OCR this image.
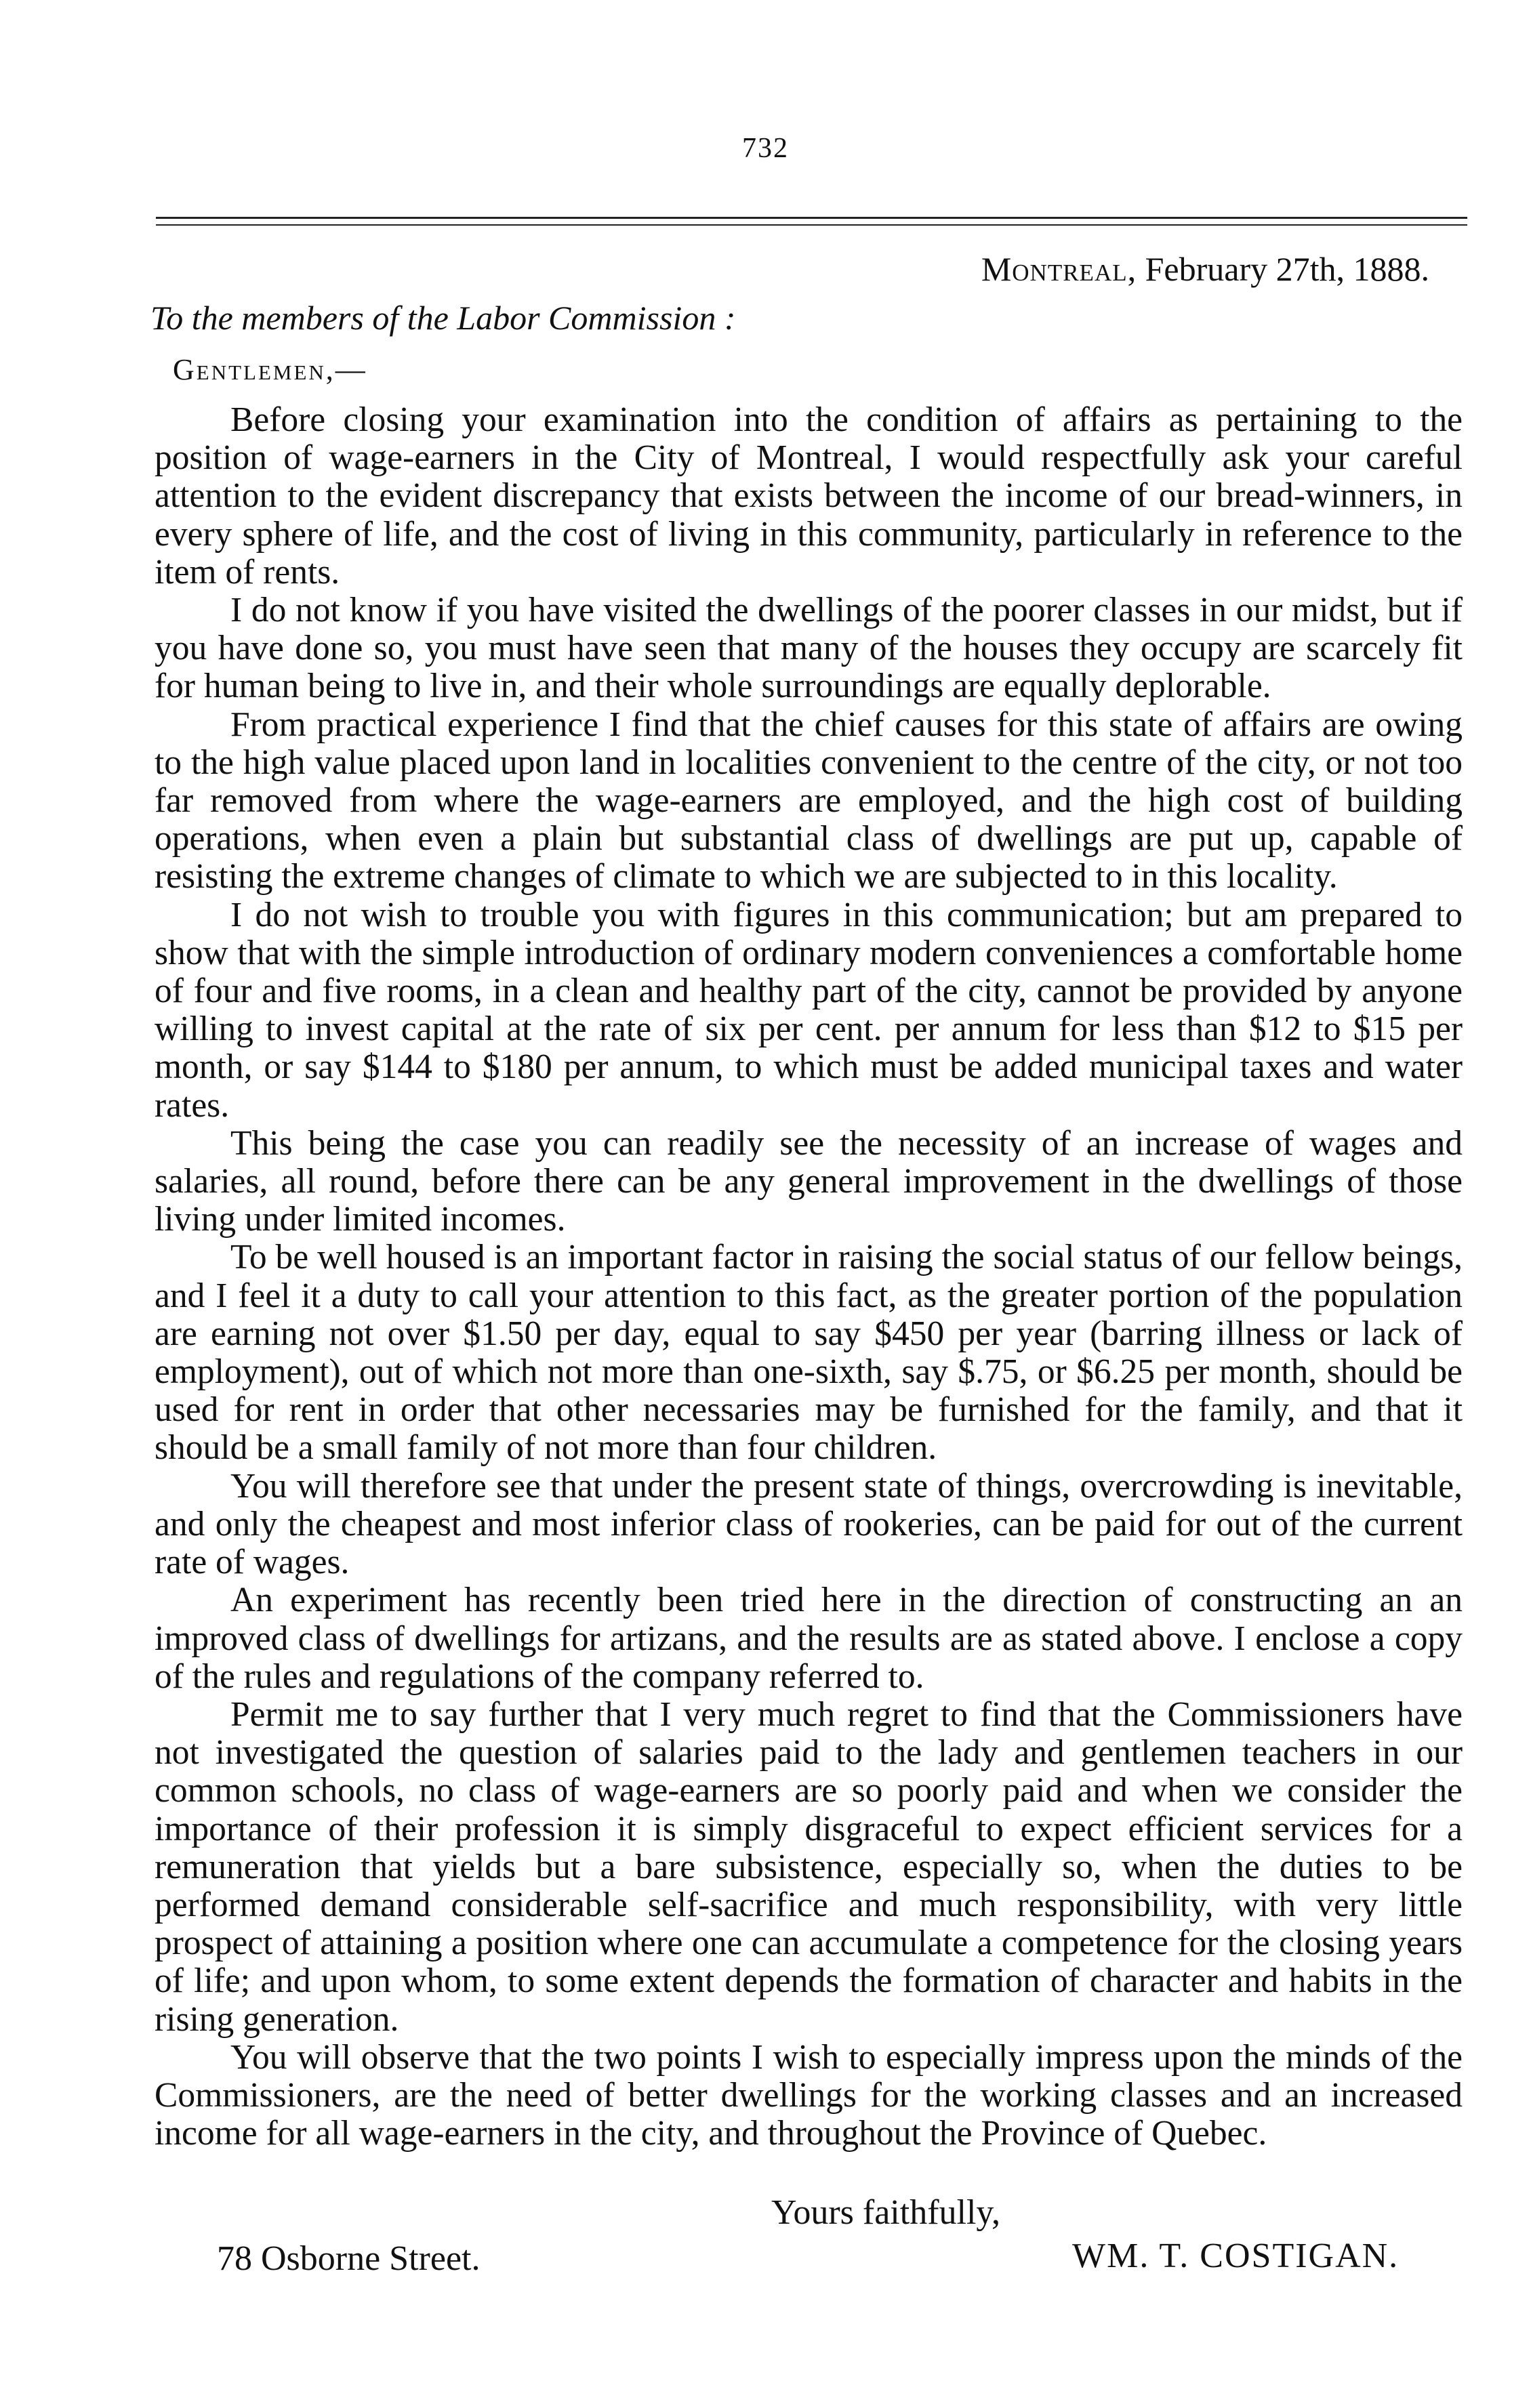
732
Montreal, February 27th, 1888.
To the members of the Labor Commission :
Gentlemen,—

Before closing your examination into the condition of affairs as pertaining to the position of wage-earners in the City of Montreal, I would respectfully ask your careful attention to the evident discrepancy that exists between the income of our bread-winners, in every sphere of life, and the cost of living in this community, particularly in reference to the item of rents.

I do not know if you have visited the dwellings of the poorer classes in our midst, but if you have done so, you must have seen that many of the houses they occupy are scarcely fit for human being to live in, and their whole surroundings are equally deplorable.

From practical experience I find that the chief causes for this state of affairs are owing to the high value placed upon land in localities convenient to the centre of the city, or not too far removed from where the wage-earners are employed, and the high cost of building operations, when even a plain but substantial class of dwellings are put up, capable of resisting the extreme changes of climate to which we are subjected to in this locality.

I do not wish to trouble you with figures in this communication; but am prepared to show that with the simple introduction of ordinary modern conveniences a comfortable home of four and five rooms, in a clean and healthy part of the city, cannot be provided by anyone willing to invest capital at the rate of six per cent. per annum for less than $12 to $15 per month, or say $144 to $180 per annum, to which must be added municipal taxes and water rates.

This being the case you can readily see the necessity of an increase of wages and salaries, all round, before there can be any general improvement in the dwellings of those living under limited incomes.

To be well housed is an important factor in raising the social status of our fellow beings, and I feel it a duty to call your attention to this fact, as the greater portion of the population are earning not over $1.50 per day, equal to say $450 per year (barring illness or lack of employment), out of which not more than one-sixth, say $.75, or $6.25 per month, should be used for rent in order that other necessaries may be furnished for the family, and that it should be a small family of not more than four children.

You will therefore see that under the present state of things, overcrowding is inevitable, and only the cheapest and most inferior class of rookeries, can be paid for out of the current rate of wages.

An experiment has recently been tried here in the direction of constructing an an improved class of dwellings for artizans, and the results are as stated above. I enclose a copy of the rules and regulations of the company referred to.

Permit me to say further that I very much regret to find that the Commissioners have not investigated the question of salaries paid to the lady and gentlemen teachers in our common schools, no class of wage-earners are so poorly paid and when we consider the importance of their profession it is simply disgraceful to expect efficient services for a remuneration that yields but a bare subsistence, especially so, when the duties to be performed demand considerable self-sacrifice and much responsibility, with very little prospect of attaining a position where one can accumulate a competence for the closing years of life; and upon whom, to some extent depends the formation of character and habits in the rising generation.

You will observe that the two points I wish to especially impress upon the minds of the Commissioners, are the need of better dwellings for the working classes and an increased income for all wage-earners in the city, and throughout the Province of Quebec.

Yours faithfully,
78 Osborne Street.	WM. T. COSTIGAN.
